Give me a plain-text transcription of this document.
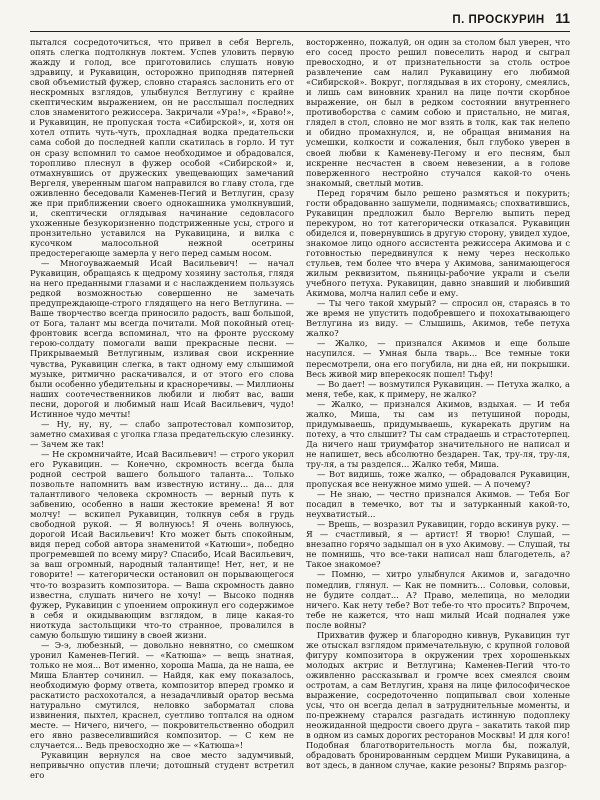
П. ПРОСКУРИН 11

пытался сосредоточиться, что привел в себя Вергель, опять слегка подтолкнув локтем. Успев уловить первую жажду и голод, все приготовились слушать новую здравицу, и Рукавицин, осторожно приподняв пятерней свой объемистый фужер, словно стараясь заслонить его от нескромных взглядов, улыбнулся Ветлугину с крайне скептическим выражением, он не расслышал последних слов знаменитого режиссера. Закричали «Ура!», «Браво!», и Рукавицин, не пропуская тоста «Сибирской», и, хотя он хотел отпить чуть-чуть, прохладная водка предательски сама собой до последней капли скатилась в горло. И тут он сразу вспомнил то самое необходимое и обрадовался, торопливо плеснул в фужер особой «Сибирской» и, отмахнувшись от дружеских увещевающих замечаний Вергеля, уверенным шагом направился во главу стола, где оживленно беседовали Каменев-Пегий и Ветлугин, сразу же при приближении своего однокашника умолкнувший, и, скептически оглядывая начинание седовласого ухоженные безукоризненно подстриженные усы, строго и пронзительно уставился на Рукавицина, и вилка с кусочком малосольной нежной осетрины предостерегающе замерла у него перед самым носом.

— Многоуважаемый Исай Васильевич! — начал Рукавицин, обращаясь к щедрому хозяину застолья, глядя на него преданными глазами и с наслаждением пользуясь редкой возможностью совершенно не замечать предупреждающе-строго глядящего на него Ветлугина. — Ваше творчество всегда приносило радость, ваш большой, от Бога, талант мы всегда почитали. Мой покойный отец-фронтовик всегда вспоминал, что на фронте русскому герою-солдату помогали ваши прекрасные песни. — Прикрываемый Ветлугиным, изливая свои искренние чувства, Рукавицин слегка, в такт одному ему слышимой музыке, ритмично раскачивался, и от этого его слова были особенно убедительны и красноречивы. — Миллионы наших соотечественников любили и любят вас, ваши песни, дорогой и любимый наш Исай Васильевич, чудо! Истинное чудо мечты!

— Ну, ну, ну, — слабо запротестовал композитор, заметно смахивая с уголка глаза предательскую слезинку. — Зачем же так!

— Не скромничайте, Исай Васильевич! — строго укорил его Рукавицин. — Конечно, скромность всегда была родной сестрой вашего большого таланта... Только позвольте напомнить вам известную истину... да... для талантливого человека скромность — верный путь к забвению, особенно в наши жестокие времена! Я вот молчу! — вскипел Рукавицин, толкнув себя в грудь свободной рукой. — Я волнуюсь! Я очень волнуюсь, дорогой Исай Васильевич! Кто может быть спокойным, видя перед собой автора знаменитой «Катюши», победно прогремевшей по всему миру? Спасибо, Исай Васильевич, за ваш огромный, народный талантище! Нет, нет, и не говорите! — категорически остановил он порывающегося что-то возразить композитора. — Ваша скромность давно известна, слушать ничего не хочу! — Высоко подняв фужер, Рукавицин с упоением опрокинул его содержимое в себя и окидывающим взглядом, в лице какая-то ниоткуда застольщики что-то странное, провалился в самую большую тишину в своей жизни.

— Э-э, любезный, — довольно невнятно, со смешком уронил Каменев-Пегий. — «Катюша» — вещь знатная, только не моя... Вот именно, хороша Маша, да не наша, ее Миша Блантер сочинил. — Найдя, как ему показалось, необходимую форму ответа, композитор вперед громко и раскатисто расхохотался, а незадачливый оратор весьма натурально смутился, неловко заборматал слова извинения, пыхтел, краснел, суетливо топтался на одном месте. — Ничего, ничего, — покровительственно ободрил его явно развеселившийся композитор. — С кем не случается... Ведь превосходно же — «Катюша»!

Рукавицин вернулся на свое место задумчивый, непривычно опустив плечи; дотошный студент встретил его

восторженно, пожалуй, он один за столом был уверен, что его сосед просто решил повеселить народ и сыграл превосходно, и от признательности за столь острое развлечение сам налил Рукавицину его любимой «Сибирской». Вокруг, поглядывая в их сторону, смеялись, и лишь сам виновник хранил на лице почти скорбное выражение, он был в редком состоянии внутреннего противоборства с самим собою и пристально, не мигая, глядел в стол, словно не мог взять в толк, как так нелепо и обидно промахнулся, и, не обращая внимания на усмешки, колкости и сожаления, был глубоко уверен в своей любви к Каменеву-Пегому и его песням, был искренне несчастен в своем невезении, а в голове поверженного нестройно стучался какой-то очень знакомый, светлый мотив.

Перед горячим было решено размяться и покурить; гости обрадованно зашумели, поднимаясь; спохватившись, Рукавицин предложил было Вергелю выпить перед перекуром, но тот категорически отказался. Рукавицин обиделся и, повернувшись в другую сторону, увидел худое, знакомое лицо одного ассистента режиссера Акимова и с готовностью передвинулся к нему через несколько стульев, тем более что вчера у Акимова, занимающегося жилым реквизитом, пьяницы-рабочие украли и съели учебного петуха. Рукавицин, давно знавший и любивший Акимова, молча налил себе и ему.

— Ты чего такой хмурый? — спросил он, стараясь в то же время не упустить подобревшего и похохатывающего Ветлугина из виду. — Слышишь, Акимов, тебе петуха жалко?

— Жалко, — признался Акимов и еще больше насупился. — Умная была тварь... Все темные токи пересмотрели, она его погубила, ни дна ей, ни покрышки. Весь живой мир вперекосяк пошел! Тьфу!

— Во дает! — возмутился Рукавицин. — Петуха жалко, а меня, тебе, как, к примеру, не жалко?

— Жалко, — признался Акимов, вздыхая. — И тебя жалко, Миша, ты сам из петушиной породы, придумываешь, придумываешь, кукарекать другим на потеху, а что слышит? Ты сам страдаешь и страстотерпец. Да ничего наш триумфатор значительного не написал и не напишет, весь абсолютно бездарен. Так, тру-ля, тру-ля, тру-ля, а ты разделся... Жалко тебя, Миша.

— Вот видишь, тоже жалко, — обрадовался Рукавицин, пропуская все ненужное мимо ушей. — А почему?

— Не знаю, — честно признался Акимов. — Тебя Бог посадил в темечко, вот ты и затурканный какой-то, неухватистый...

— Врешь, — возразил Рукавицин, гордо вскинув руку. — Я — счастливый, я — артист! Я творю! Слушай, — внезапно горячо задышал он в ухо Акимову. — Слушай, ты не помнишь, что все-таки написал наш благодетель, а? Такое знакомое?

— Помню, — хитро улыбнулся Акимов и, загадочно помедлив, глянул. — Как не помнить... Соловьи, соловьи, не будите солдат... А? Право, мелепица, но мелодии ничего. Как нету тебе? Вот тебе-то что просить? Впрочем, тебе не кажется, что наш милый Исай подналея уже после войны?

Прихватив фужер и благородно кивнув, Рукавицин тут же отыскал взглядом примечательную, с крупной головой фигуру композитора в окружении трех хорошенькых молодых актрис и Ветлугина; Каменев-Пегий что-то оживленно рассказывал и громче всех смеялся своим остротам, а сам Ветлугин, храня на лице философическое выражение, сосредоточенно пощипывал свои холеные усы, что он всегда делал в затруднительные моменты, и по-прежнему старался разгадать истинную подоплеку неожиданной щедрости своего друга – закатить такой пир в одном из самых дорогих ресторанов Москвы! И для кого! Подобная благотворительность могла бы, пожалуй, обрадовать бронированным сердцем Миши Рукавицина, а вот здесь, в данном случае, какие резоны? Впрямь разгор-
